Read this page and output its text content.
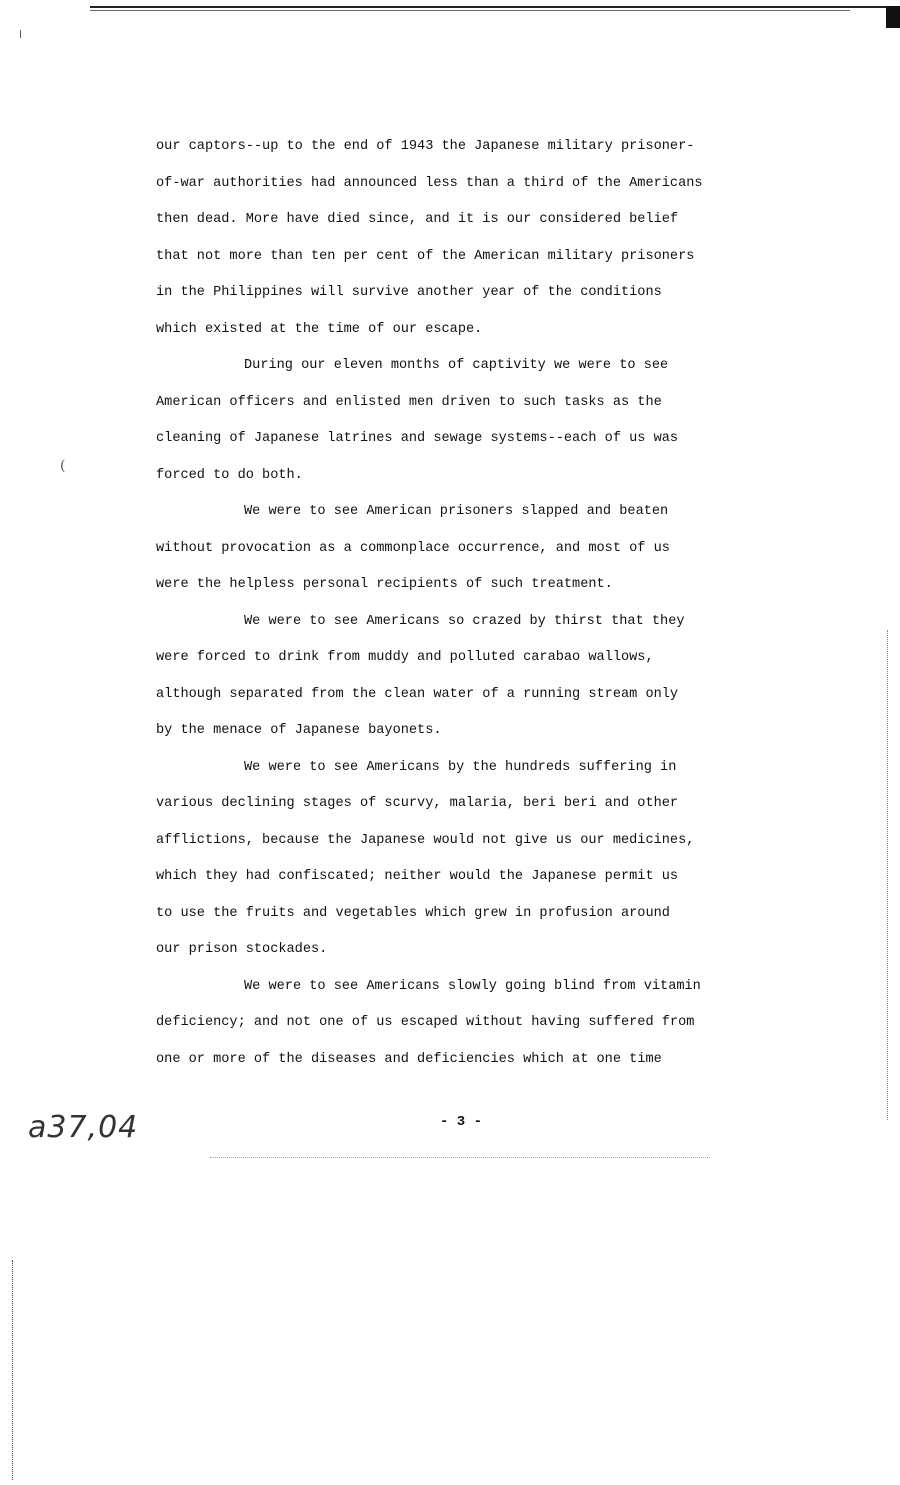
(
our captors--up to the end of 1943 the Japanese military prisoner-
of-war authorities had announced less than a third of the Americans
then dead. More have died since, and it is our considered belief
that not more than ten per cent of the American military prisoners
in the Philippines will survive another year of the conditions
which existed at the time of our escape.
During our eleven months of captivity we were to see
American officers and enlisted men driven to such tasks as the
cleaning of Japanese latrines and sewage systems--each of us was
forced to do both.
We were to see American prisoners slapped and beaten
without provocation as a commonplace occurrence, and most of us
were the helpless personal recipients of such treatment.
We were to see Americans so crazed by thirst that they
were forced to drink from muddy and polluted carabao wallows,
although separated from the clean water of a running stream only
by the menace of Japanese bayonets.
We were to see Americans by the hundreds suffering in
various declining stages of scurvy, malaria, beri beri and other
afflictions, because the Japanese would not give us our medicines,
which they had confiscated; neither would the Japanese permit us
to use the fruits and vegetables which grew in profusion around
our prison stockades.
We were to see Americans slowly going blind from vitamin
deficiency; and not one of us escaped without having suffered from
one or more of the diseases and deficiencies which at one time
- 3 -
a37,04
